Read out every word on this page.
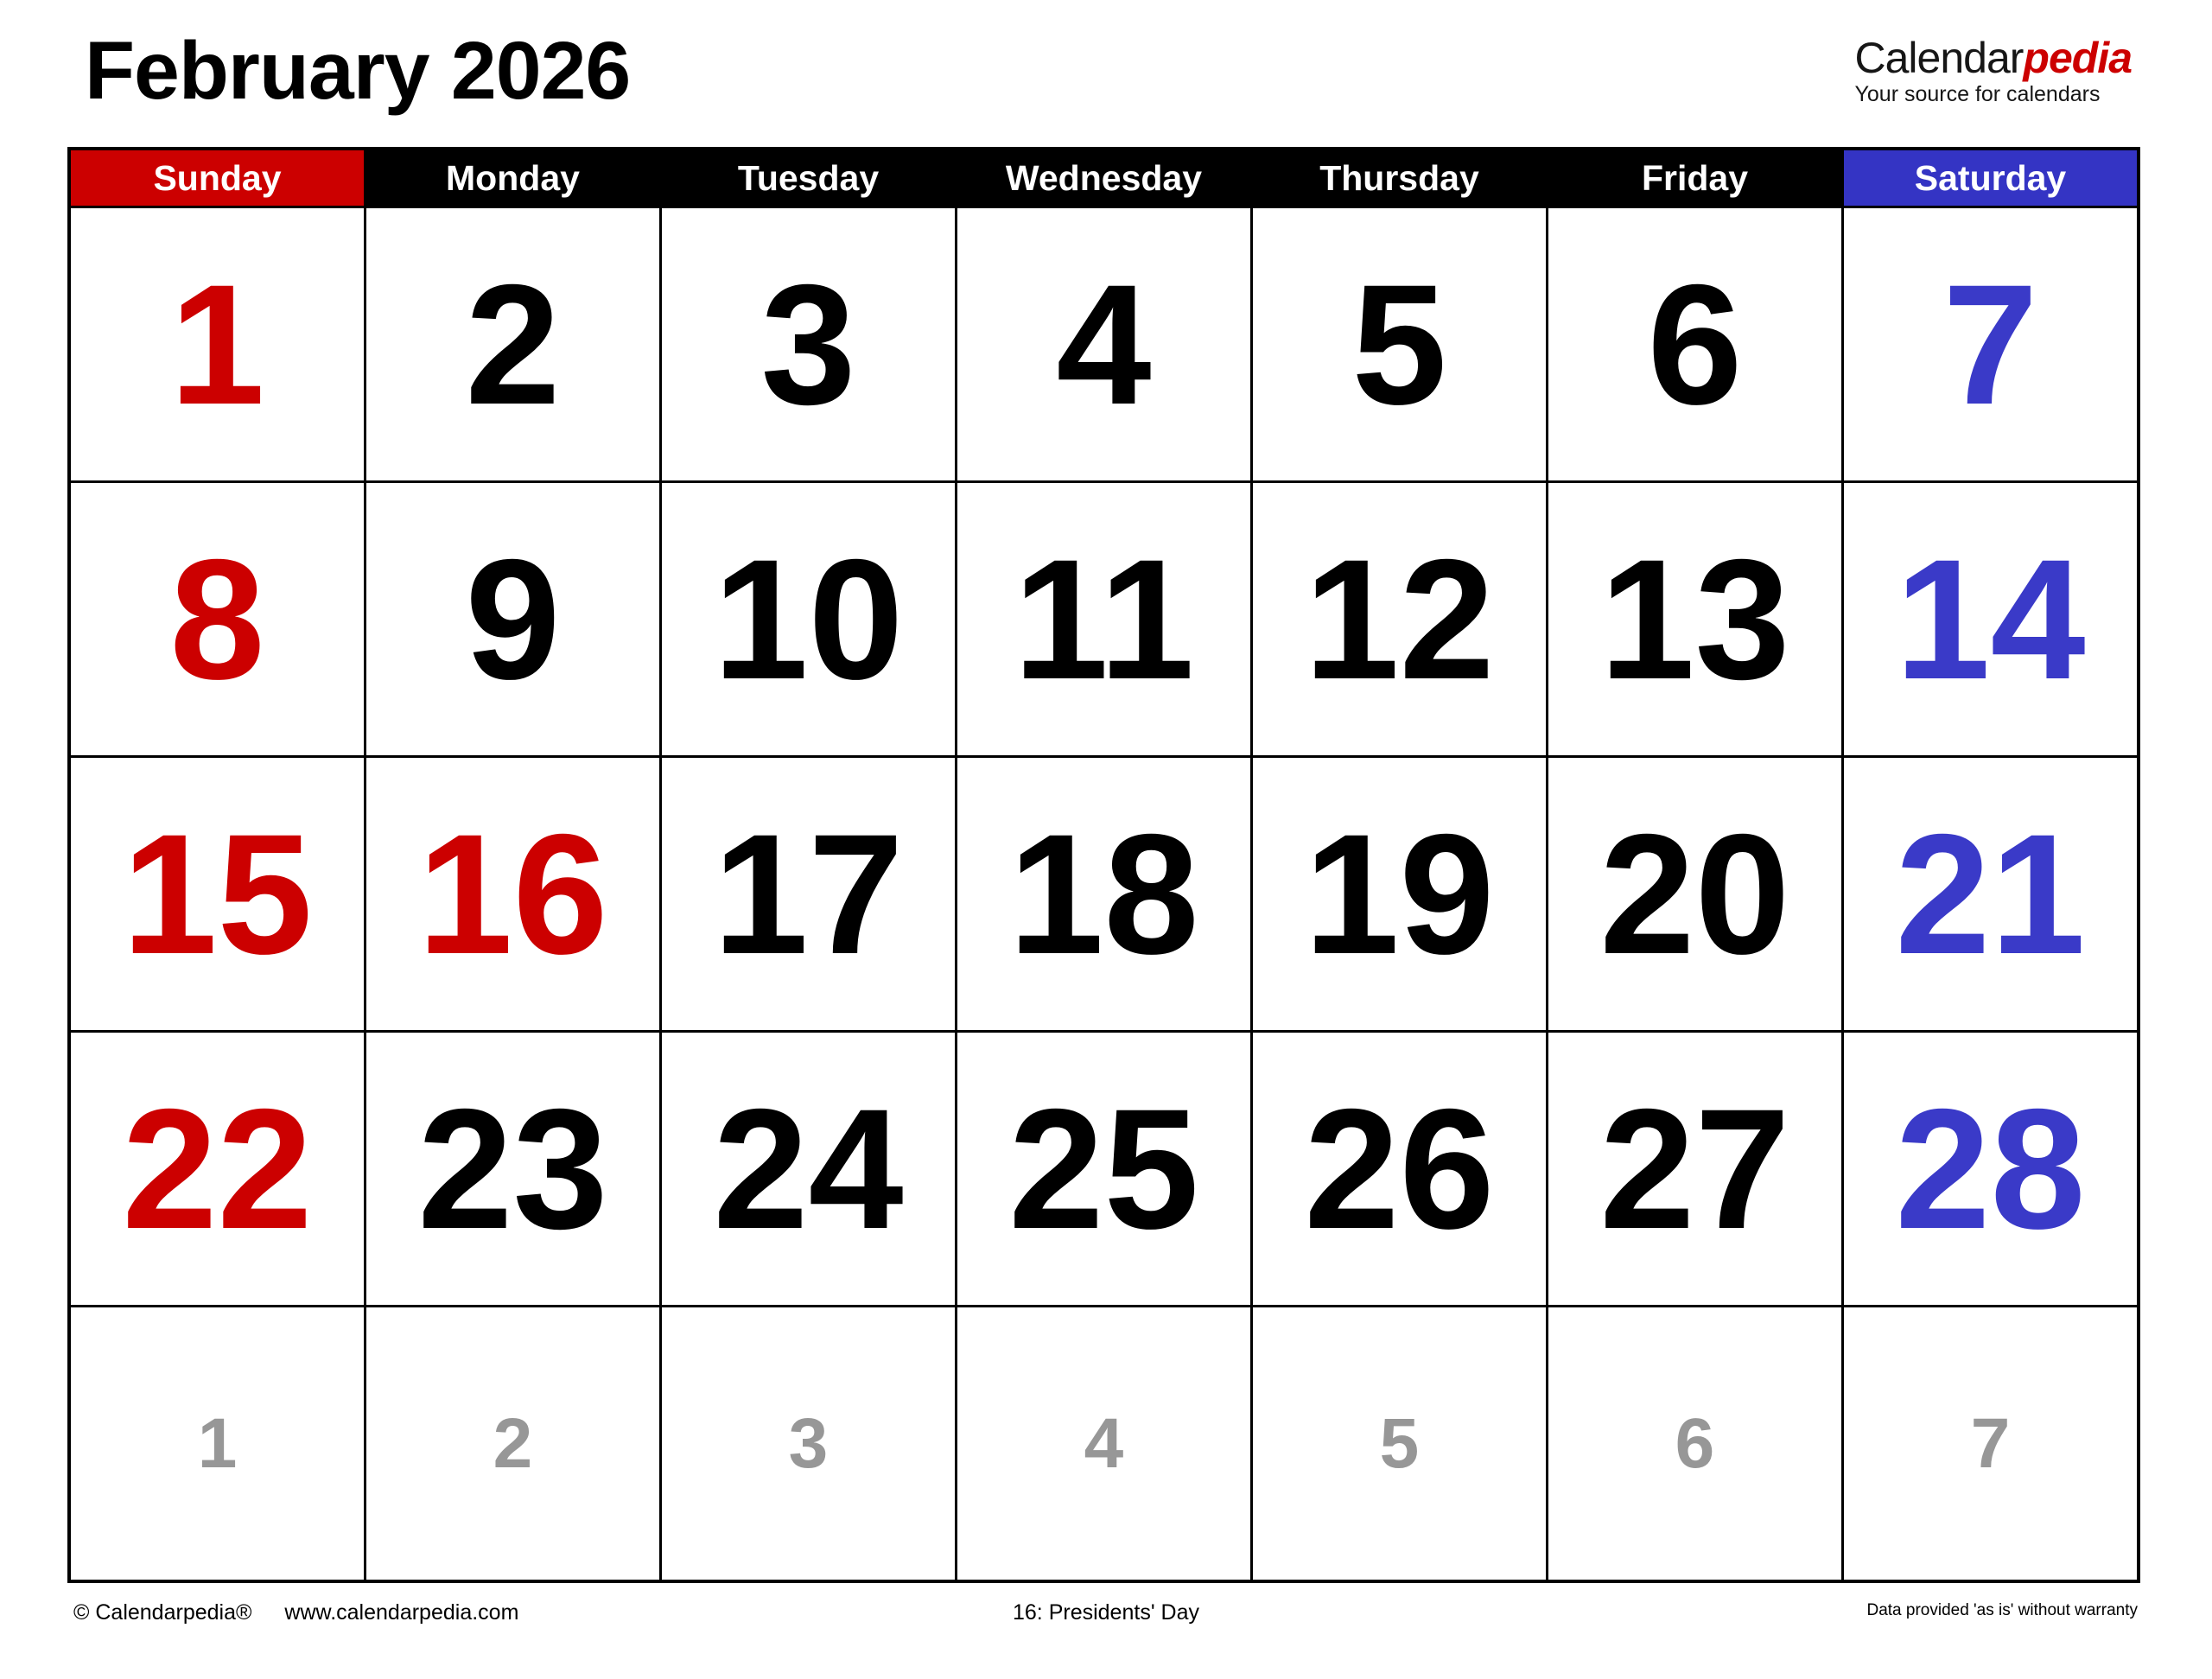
February 2026	Calendarpedia
Your source for calendars
Sunday	Monday	Tuesday	Wednesday	Thursday	Friday	Saturday
1	2	3	4	5	6	7
8	9	10	11	12	13	14
15	16	17	18	19	20	21
22	23	24	25	26	27	28
1	2	3	4	5	6	7
© Calendarpedia® www.calendarpedia.com	16: Presidents' Day	Data provided 'as is' without warranty
